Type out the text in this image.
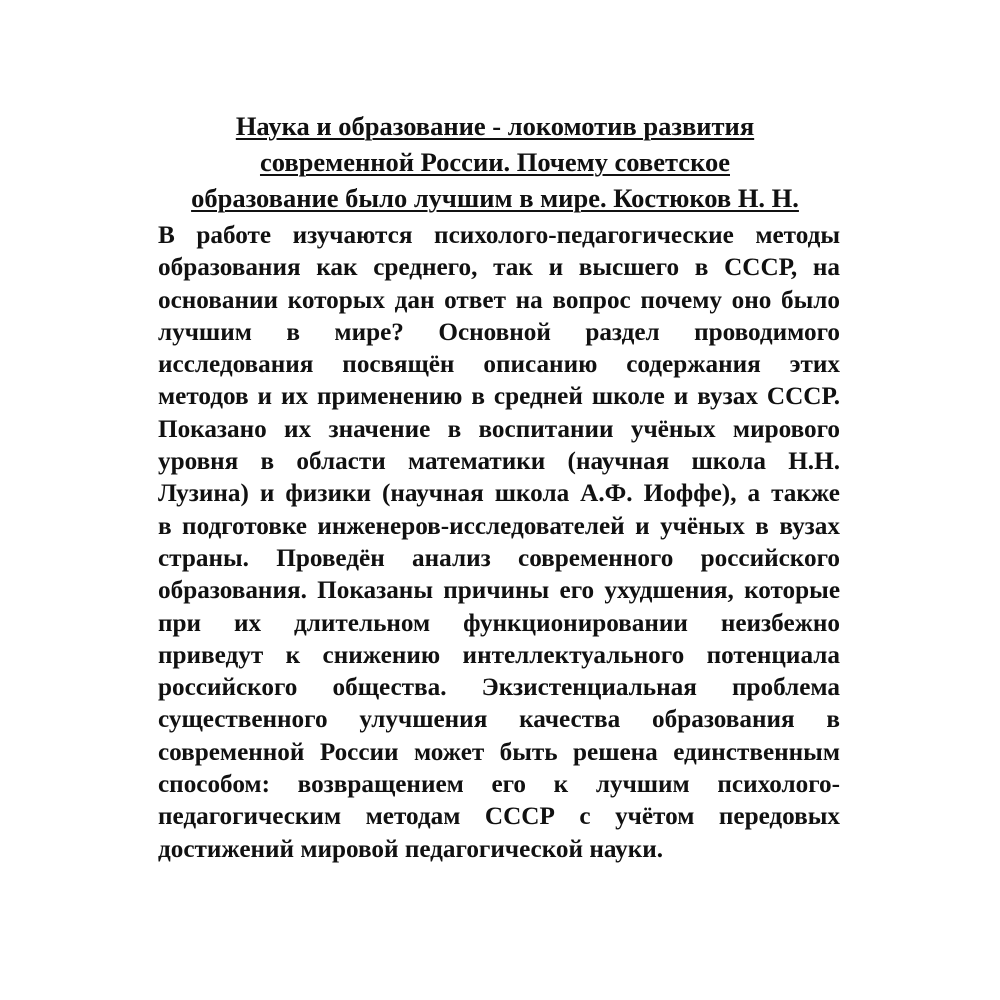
Наука и образование - локомотив развития
современной России. Почему советское
образование было лучшим в мире. Костюков Н. Н.
В работе изучаются психолого-педагогические методы
образования как среднего, так и высшего в СССР, на
основании которых дан ответ на вопрос почему оно было
лучшим в мире? Основной раздел проводимого
исследования посвящён описанию содержания этих
методов и их применению в средней школе и вузах СССР.
Показано их значение в воспитании учёных мирового
уровня в области математики (научная школа Н.Н.
Лузина) и физики (научная школа А.Ф. Иоффе), а также
в подготовке инженеров-исследователей и учёных в вузах
страны. Проведён анализ современного российского
образования. Показаны причины его ухудшения, которые
при их длительном функционировании неизбежно
приведут к снижению интеллектуального потенциала
российского общества. Экзистенциальная проблема
существенного улучшения качества образования в
современной России может быть решена единственным
способом: возвращением его к лучшим психолого-
педагогическим методам СССР с учётом передовых
достижений мировой педагогической науки.
